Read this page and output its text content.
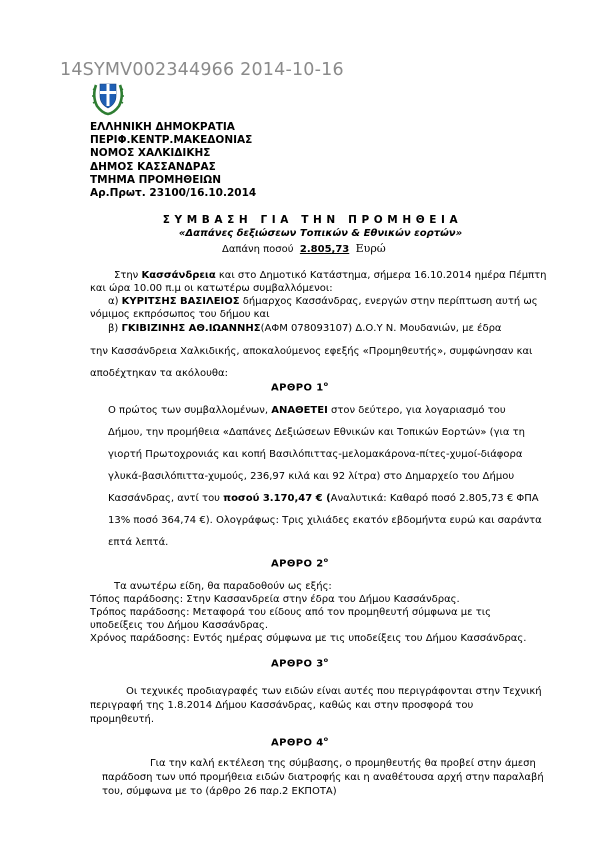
14SYMV002344966 2014-10-16
ΕΛΛΗΝΙΚΗ ΔΗΜΟΚΡΑΤΙΑ
ΠΕΡΙΦ.ΚΕΝΤΡ.ΜΑΚΕΔΟΝΙΑΣ
ΝΟΜΟΣ ΧΑΛΚΙΔΙΚΗΣ
ΔΗΜΟΣ ΚΑΣΣΑΝΔΡΑΣ
ΤΜΗΜΑ ΠΡΟΜΗΘΕΙΩΝ
Αρ.Πρωτ. 23100/16.10.2014
ΣΥΜΒΑΣΗ ΓΙΑ ΤΗΝ ΠΡΟΜΗΘΕΙΑ
«Δαπάνες δεξιώσεων Τοπικών & Εθνικών εορτών»
Δαπάνη ποσού 2.805,73 Ευρώ
Στην Κασσάνδρεια και στο Δημοτικό Κατάστημα, σήμερα 16.10.2014 ημέρα Πέμπτη
και ώρα 10.00 π.μ οι κατωτέρω συμβαλλόμενοι:
α) ΚΥΡΙΤΣΗΣ ΒΑΣΙΛΕΙΟΣ δήμαρχος Κασσάνδρας, ενεργών στην περίπτωση αυτή ως
νόμιμος εκπρόσωπος του δήμου και
β) ΓΚΙΒΙΖΙΝΗΣ ΑΘ.ΙΩΑΝΝΗΣ(ΑΦΜ 078093107) Δ.Ο.Υ Ν. Μουδανιών, με έδρα
την Κασσάνδρεια Χαλκιδικής, αποκαλούμενος εφεξής «Προμηθευτής», συμφώνησαν και
αποδέχτηκαν τα ακόλουθα:
ΑΡΘΡΟ $1^o$
Ο πρώτος των συμβαλλομένων, ΑΝΑΘΕΤΕΙ στον δεύτερο, για λογαριασμό του
Δήμου, την προμήθεια «Δαπάνες Δεξιώσεων Εθνικών και Τοπικών Εορτών» (για τη
γιορτή Πρωτοχρονιάς και κοπή Βασιλόπιττας-μελομακάρονα-πίτες-χυμοί-διάφορα
γλυκά-βασιλόπιττα-χυμούς, 236,97 κιλά και 92 λίτρα) στο Δημαρχείο του Δήμου
Κασσάνδρας, αντί του ποσού 3.170,47 € (Αναλυτικά: Καθαρό ποσό 2.805,73 € ΦΠΑ
13% ποσό 364,74 €). Ολογράφως: Τρις χιλιάδες εκατόν εβδομήντα ευρώ και σαράντα
επτά λεπτά.
ΑΡΘΡΟ $2^o$
Τα ανωτέρω είδη, θα παραδοθούν ως εξής:
Τόπος παράδοσης: Στην Κασσανδρεία στην έδρα του Δήμου Κασσάνδρας.
Τρόπος παράδοσης: Μεταφορά του είδους από τον προμηθευτή σύμφωνα με τις
υποδείξεις του Δήμου Κασσάνδρας.
Χρόνος παράδοσης: Εντός ημέρας σύμφωνα με τις υποδείξεις του Δήμου Κασσάνδρας.
ΑΡΘΡΟ $3^o$
Οι τεχνικές προδιαγραφές των ειδών είναι αυτές που περιγράφονται στην Τεχνική
περιγραφή της 1.8.2014 Δήμου Κασσάνδρας, καθώς και στην προσφορά του
προμηθευτή.
ΑΡΘΡΟ $4^o$
Για την καλή εκτέλεση της σύμβασης, ο προμηθευτής θα προβεί στην άμεση
παράδοση των υπό προμήθεια ειδών διατροφής και η αναθέτουσα αρχή στην παραλαβή
του, σύμφωνα με το (άρθρο 26 παρ.2 ΕΚΠΟΤΑ)
